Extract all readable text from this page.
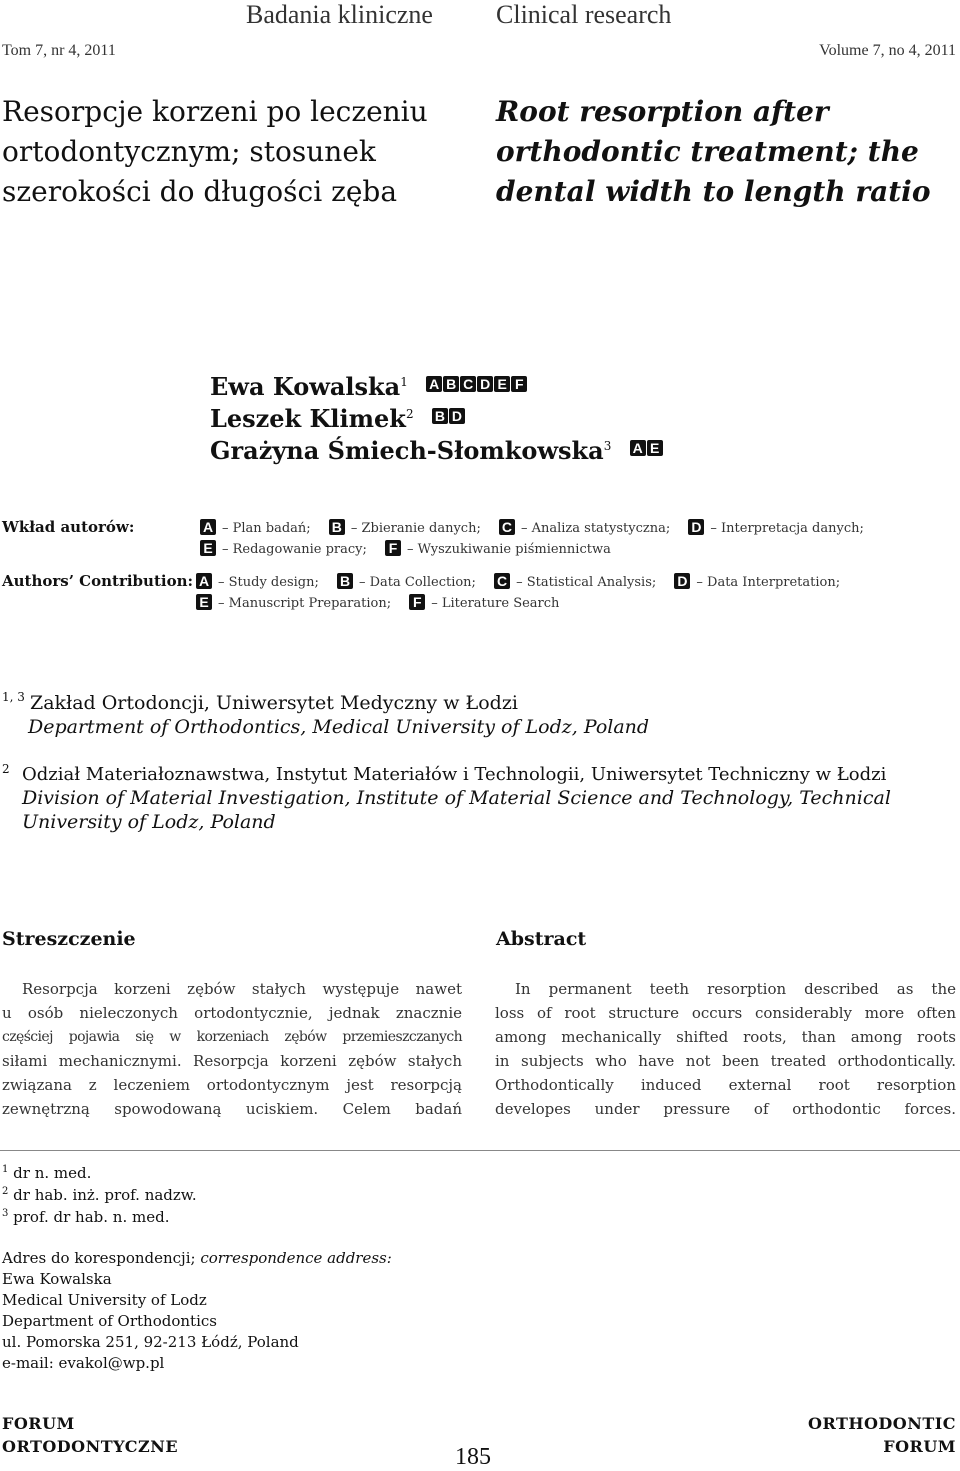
Badania kliniczne Clinical research
Tom 7, nr 4, 2011	Volume 7, no 4, 2011
Resorpcje korzeni po leczeniu
ortodontycznym; stosunek
szerokości do długości zęba
Root resorption after
orthodontic treatment; the
dental width to length ratio
Ewa Kowalska$^1$ A B C D E F
Leszek Klimek$^2$ B D
Grażyna Śmiech-Słomkowska$^3$ A E
Wkład autorów:	A – Plan badań; B – Zbieranie danych; C – Analiza statystyczna; D – Interpretacja danych;
E – Redagowanie pracy; F – Wyszukiwanie piśmiennictwa
Authors’ Contribution: A – Study design; B – Data Collection; C – Statistical Analysis; D – Data Interpretation;
E – Manuscript Preparation; F – Literature Search
1, 3 Zakład Ortodoncji, Uniwersytet Medyczny w Łodzi
Department of Orthodontics, Medical University of Lodz, Poland
2 Odział Materiałoznawstwa, Instytut Materiałów i Technologii, Uniwersytet Techniczny w Łodzi
Division of Material Investigation, Institute of Material Science and Technology, Technical
University of Lodz, Poland
Streszczenie	Abstract
Resorpcja korzeni zębów stałych występuje nawet
u osób nieleczonych ortodontycznie, jednak znacznie
częściej pojawia się w korzeniach zębów przemieszczanych
siłami mechanicznymi. Resorpcja korzeni zębów stałych
związana z leczeniem ortodontycznym jest resorpcją
zewnętrzną spowodowaną uciskiem. Celem badań
In permanent teeth resorption described as the
loss of root structure occurs considerably more often
among mechanically shifted roots, than among roots
in subjects who have not been treated orthodontically.
Orthodontically induced external root resorption
developes under pressure of orthodontic forces.
$^1$ dr n. med.
$^2$ dr hab. inż. prof. nadzw.
$^3$ prof. dr hab. n. med.
Adres do korespondencji; correspondence address:
Ewa Kowalska
Medical University of Lodz
Department of Orthodontics
ul. Pomorska 251, 92-213 Łódź, Poland
e-mail: evakol@wp.pl
FORUM
ORTODONTYCZNE
ORTHODONTIC
FORUM
185
